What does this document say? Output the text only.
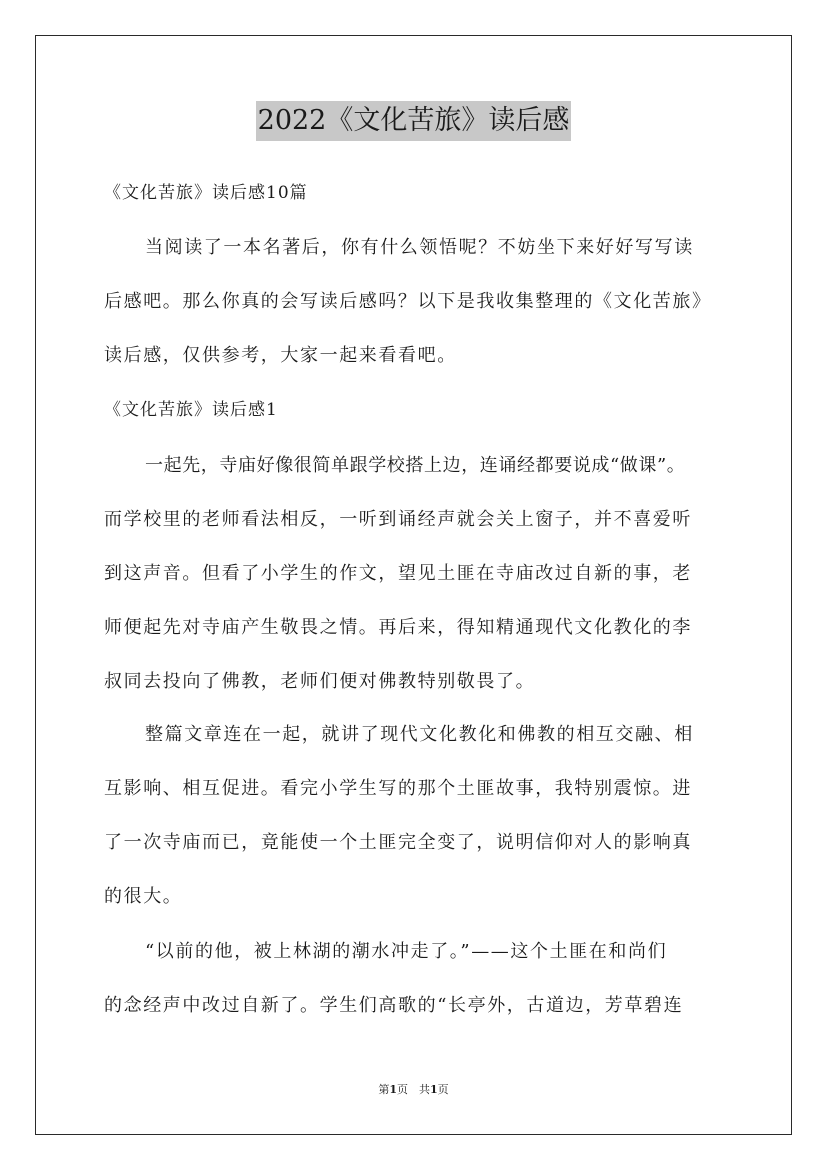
2022《文化苦旅》读后感
《文化苦旅》读后感10篇
当阅读了一本名著后，你有什么领悟呢？不妨坐下来好好写写读
后感吧。那么你真的会写读后感吗？以下是我收集整理的《文化苦旅》
读后感，仅供参考，大家一起来看看吧。
《文化苦旅》读后感1
一起先，寺庙好像很简单跟学校搭上边，连诵经都要说成“做课”。
而学校里的老师看法相反，一听到诵经声就会关上窗子，并不喜爱听
到这声音。但看了小学生的作文，望见土匪在寺庙改过自新的事，老
师便起先对寺庙产生敬畏之情。再后来，得知精通现代文化教化的李
叔同去投向了佛教，老师们便对佛教特别敬畏了。
整篇文章连在一起，就讲了现代文化教化和佛教的相互交融、相
互影响、相互促进。看完小学生写的那个土匪故事，我特别震惊。进
了一次寺庙而已，竟能使一个土匪完全变了，说明信仰对人的影响真
的很大。
“以前的他，被上林湖的潮水冲走了。”——这个土匪在和尚们
的念经声中改过自新了。学生们高歌的“长亭外，古道边，芳草碧连
第1页　共1页
